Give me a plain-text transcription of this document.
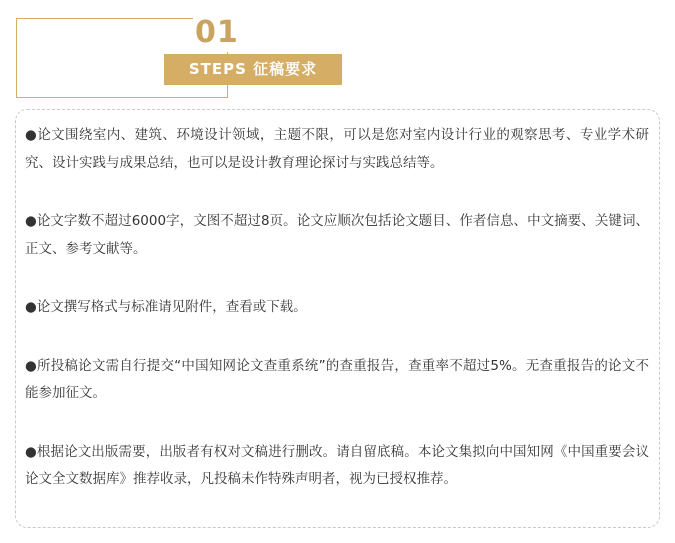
01
STEPS 征稿要求

●论文围绕室内、建筑、环境设计领域，主题不限，可以是您对室内设计行业的观察思考、专业学术研究、设计实践与成果总结，也可以是设计教育理论探讨与实践总结等。

●论文字数不超过6000字，文图不超过8页。论文应顺次包括论文题目、作者信息、中文摘要、关键词、正文、参考文献等。

●论文撰写格式与标准请见附件，查看或下载。

●所投稿论文需自行提交“中国知网论文查重系统”的查重报告，查重率不超过5%。无查重报告的论文不能参加征文。

●根据论文出版需要，出版者有权对文稿进行删改。请自留底稿。本论文集拟向中国知网《中国重要会议论文全文数据库》推荐收录，凡投稿未作特殊声明者，视为已授权推荐。
